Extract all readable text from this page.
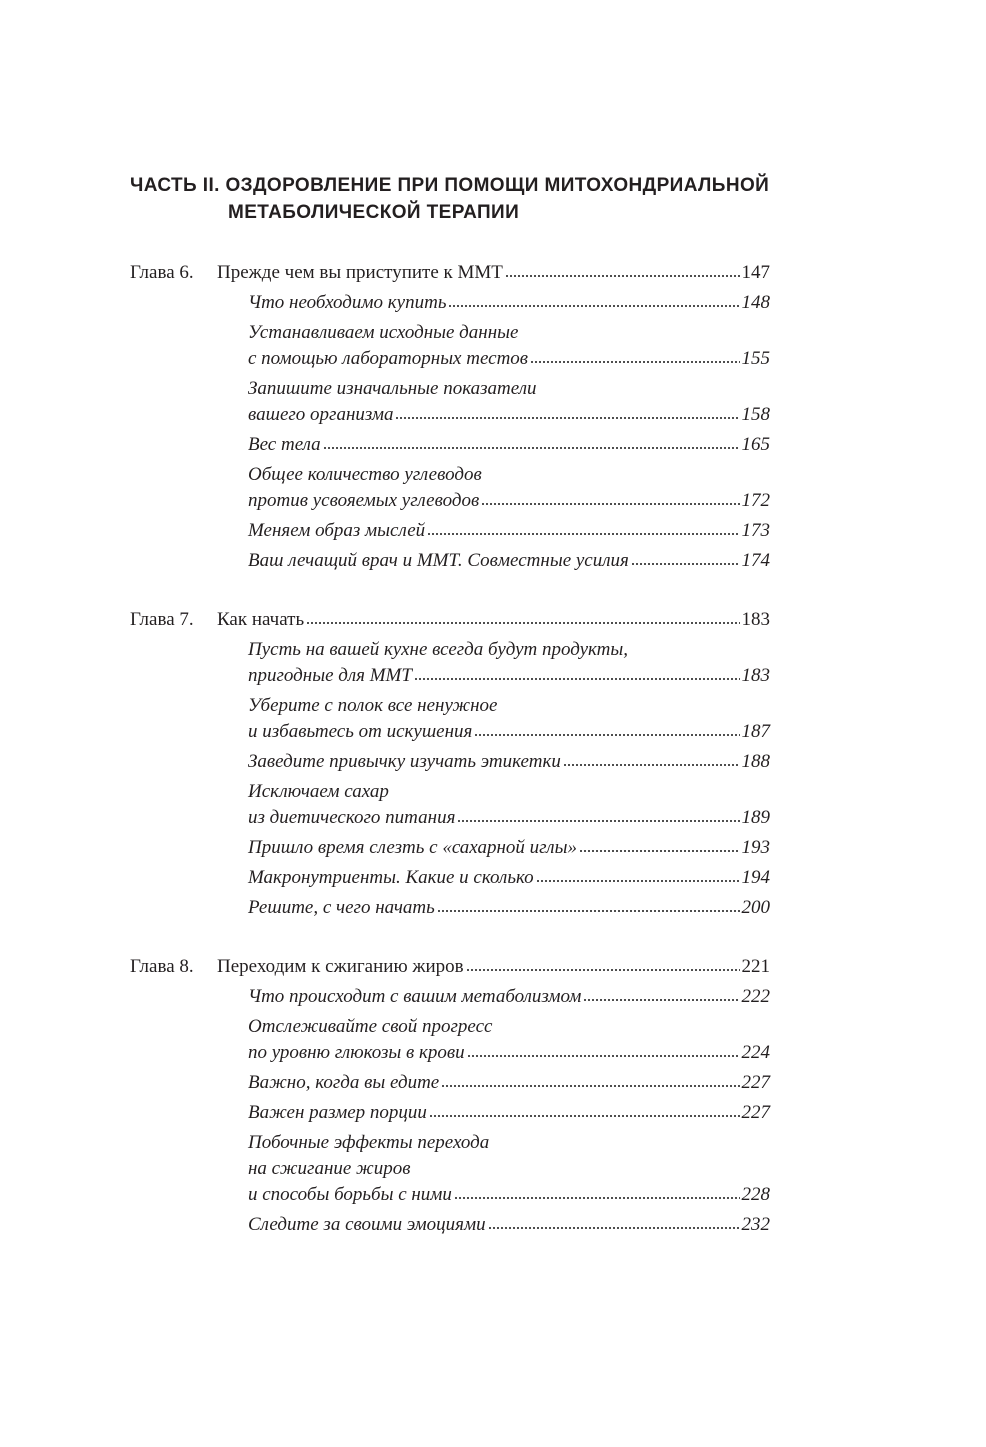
ЧАСТЬ II. ОЗДОРОВЛЕНИЕ ПРИ ПОМОЩИ МИТОХОНДРИАЛЬНОЙ
МЕТАБОЛИЧЕСКОЙ ТЕРАПИИ
Глава 6.	Прежде чем вы приступите к ММТ	147
Что необходимо купить	148
Устанавливаем исходные данные
с помощью лабораторных тестов	155
Запишите изначальные показатели
вашего организма	158
Вес тела	165
Общее количество углеводов
против усвояемых углеводов	172
Меняем образ мыслей	173
Ваш лечащий врач и ММТ. Совместные усилия	174
Глава 7.	Как начать	183
Пусть на вашей кухне всегда будут продукты,
пригодные для ММТ	183
Уберите с полок все ненужное
и избавьтесь от искушения	187
Заведите привычку изучать этикетки	188
Исключаем сахар
из диетического питания	189
Пришло время слезть с «сахарной иглы»	193
Макронутриенты. Какие и сколько	194
Решите, с чего начать	200
Глава 8.	Переходим к сжиганию жиров	221
Что происходит с вашим метаболизмом	222
Отслеживайте свой прогресс
по уровню глюкозы в крови	224
Важно, когда вы едите	227
Важен размер порции	227
Побочные эффекты перехода
на сжигание жиров
и способы борьбы с ними	228
Следите за своими эмоциями	232
